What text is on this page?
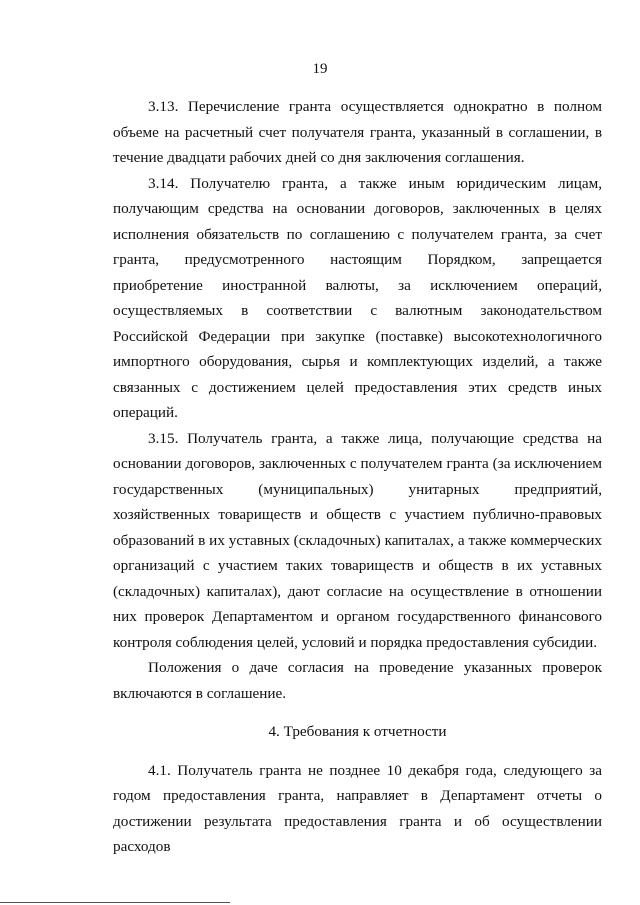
19

3.13. Перечисление гранта осуществляется однократно в полном объеме на расчетный счет получателя гранта, указанный в соглашении, в течение двадцати рабочих дней со дня заключения соглашения.

3.14. Получателю гранта, а также иным юридическим лицам, получающим средства на основании договоров, заключенных в целях исполнения обязательств по соглашению с получателем гранта, за счет гранта, предусмотренного настоящим Порядком, запрещается приобретение иностранной валюты, за исключением операций, осуществляемых в соответствии с валютным законодательством Российской Федерации при закупке (поставке) высокотехнологичного импортного оборудования, сырья и комплектующих изделий, а также связанных с достижением целей предоставления этих средств иных операций.

3.15. Получатель гранта, а также лица, получающие средства на основании договоров, заключенных с получателем гранта (за исключением государственных (муниципальных) унитарных предприятий, хозяйственных товариществ и обществ с участием публично-правовых образований в их уставных (складочных) капиталах, а также коммерческих организаций с участием таких товариществ и обществ в их уставных (складочных) капиталах), дают согласие на осуществление в отношении них проверок Департаментом и органом государственного финансового контроля соблюдения целей, условий и порядка предоставления субсидии.

Положения о даче согласия на проведение указанных проверок включаются в соглашение.

4. Требования к отчетности

4.1. Получатель гранта не позднее 10 декабря года, следующего за годом предоставления гранта, направляет в Департамент отчеты о достижении результата предоставления гранта и об осуществлении расходов
